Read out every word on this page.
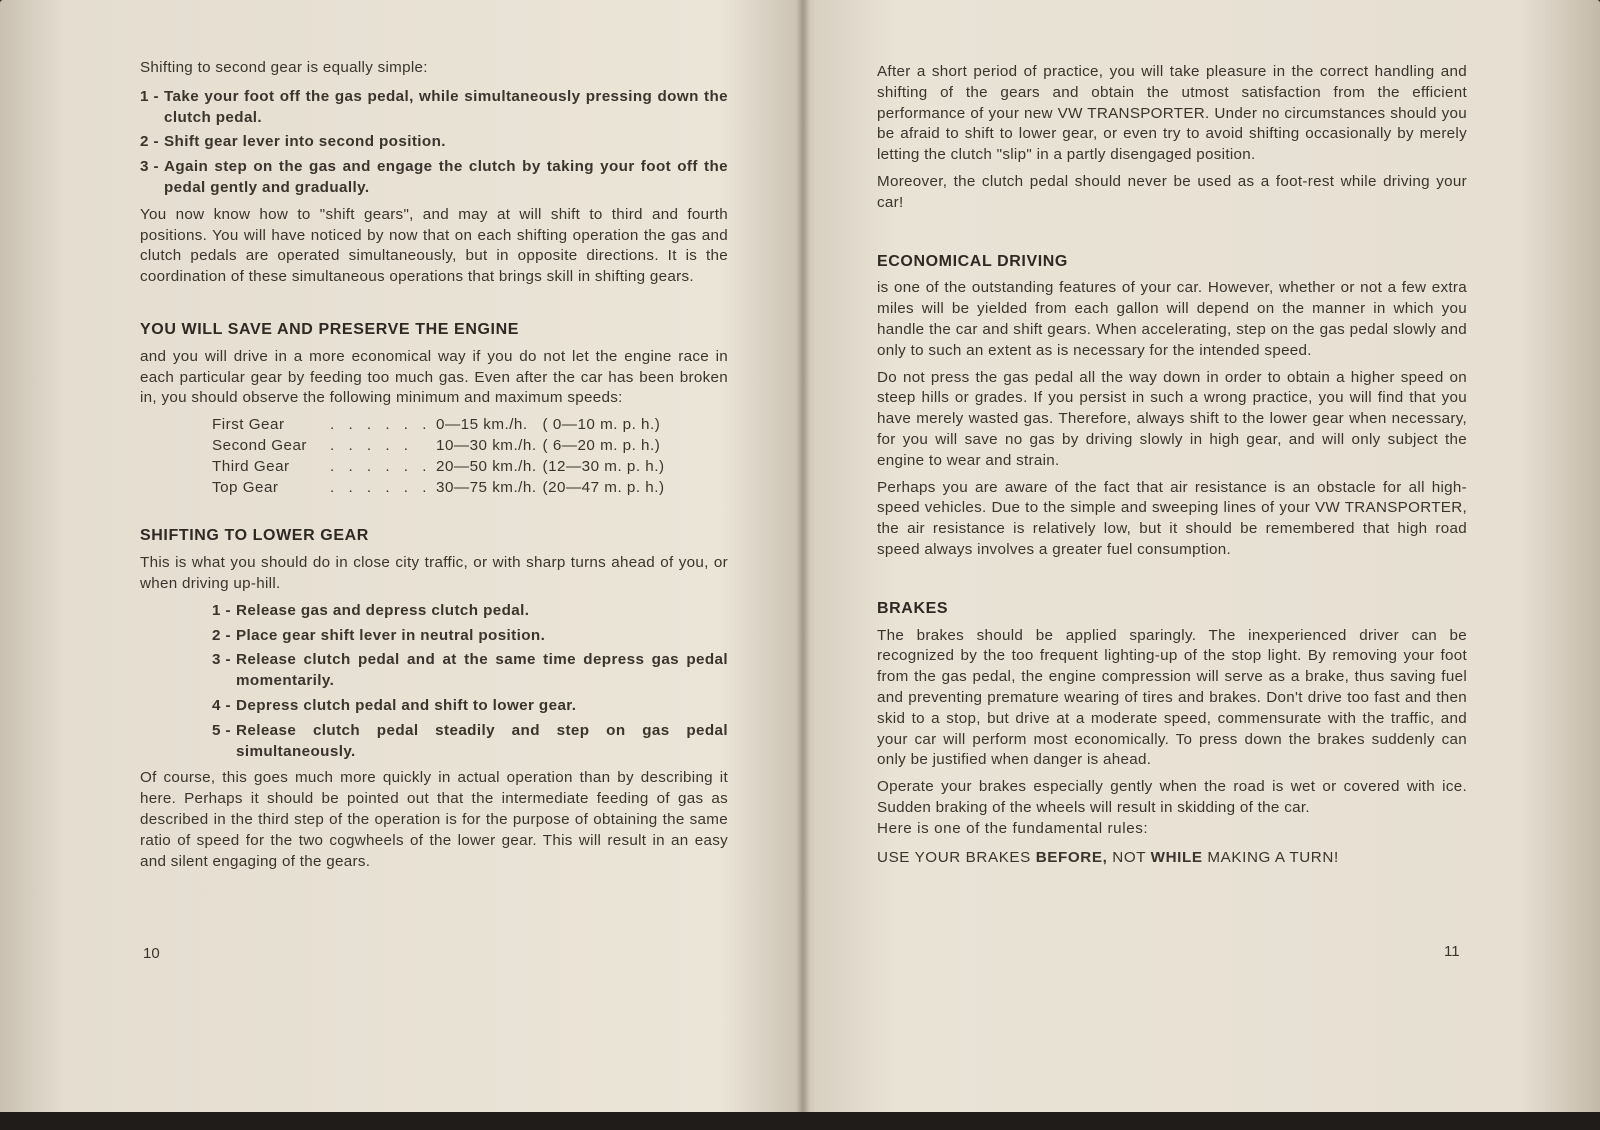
Shifting to second gear is equally simple:

1 - Take your foot off the gas pedal, while simultaneously pressing down the clutch pedal.
2 - Shift gear lever into second position.
3 - Again step on the gas and engage the clutch by taking your foot off the pedal gently and gradually.

You now know how to "shift gears", and may at will shift to third and fourth positions. You will have noticed by now that on each shifting operation the gas and clutch pedals are operated simultaneously, but in opposite directions. It is the coordination of these simultaneous operations that brings skill in shifting gears.

YOU WILL SAVE AND PRESERVE THE ENGINE

and you will drive in a more economical way if you do not let the engine race in each particular gear by feeding too much gas. Even after the car has been broken in, you should observe the following minimum and maximum speeds:

First Gear	. . . . . .	0—15 km./h.	( 0—10 m. p. h.)
Second Gear	. . . . .	10—30 km./h.	( 6—20 m. p. h.)
Third Gear	. . . . . .	20—50 km./h.	(12—30 m. p. h.)
Top Gear	. . . . . .	30—75 km./h.	(20—47 m. p. h.)
SHIFTING TO LOWER GEAR

This is what you should do in close city traffic, or with sharp turns ahead of you, or when driving up-hill.

1 - Release gas and depress clutch pedal.
2 - Place gear shift lever in neutral position.
3 - Release clutch pedal and at the same time depress gas pedal momentarily.
4 - Depress clutch pedal and shift to lower gear.
5 - Release clutch pedal steadily and step on gas pedal simultaneously.

Of course, this goes much more quickly in actual operation than by describing it here. Perhaps it should be pointed out that the intermediate feeding of gas as described in the third step of the operation is for the purpose of obtaining the same ratio of speed for the two cogwheels of the lower gear. This will result in an easy and silent engaging of the gears.

10

After a short period of practice, you will take pleasure in the correct handling and shifting of the gears and obtain the utmost satisfaction from the efficient performance of your new VW TRANSPORTER. Under no circumstances should you be afraid to shift to lower gear, or even try to avoid shifting occasionally by merely letting the clutch "slip" in a partly disengaged position.

Moreover, the clutch pedal should never be used as a foot-rest while driving your car!

ECONOMICAL DRIVING

is one of the outstanding features of your car. However, whether or not a few extra miles will be yielded from each gallon will depend on the manner in which you handle the car and shift gears. When accelerating, step on the gas pedal slowly and only to such an extent as is necessary for the intended speed.

Do not press the gas pedal all the way down in order to obtain a higher speed on steep hills or grades. If you persist in such a wrong practice, you will find that you have merely wasted gas. Therefore, always shift to the lower gear when necessary, for you will save no gas by driving slowly in high gear, and will only subject the engine to wear and strain.

Perhaps you are aware of the fact that air resistance is an obstacle for all high-speed vehicles. Due to the simple and sweeping lines of your VW TRANSPORTER, the air resistance is relatively low, but it should be remembered that high road speed always involves a greater fuel consumption.

BRAKES

The brakes should be applied sparingly. The inexperienced driver can be recognized by the too frequent lighting-up of the stop light. By removing your foot from the gas pedal, the engine compression will serve as a brake, thus saving fuel and preventing premature wearing of tires and brakes. Don't drive too fast and then skid to a stop, but drive at a moderate speed, commensurate with the traffic, and your car will perform most economically. To press down the brakes suddenly can only be justified when danger is ahead.

Operate your brakes especially gently when the road is wet or covered with ice. Sudden braking of the wheels will result in skidding of the car.

Here is one of the fundamental rules:

USE YOUR BRAKES BEFORE, NOT WHILE MAKING A TURN!

11
